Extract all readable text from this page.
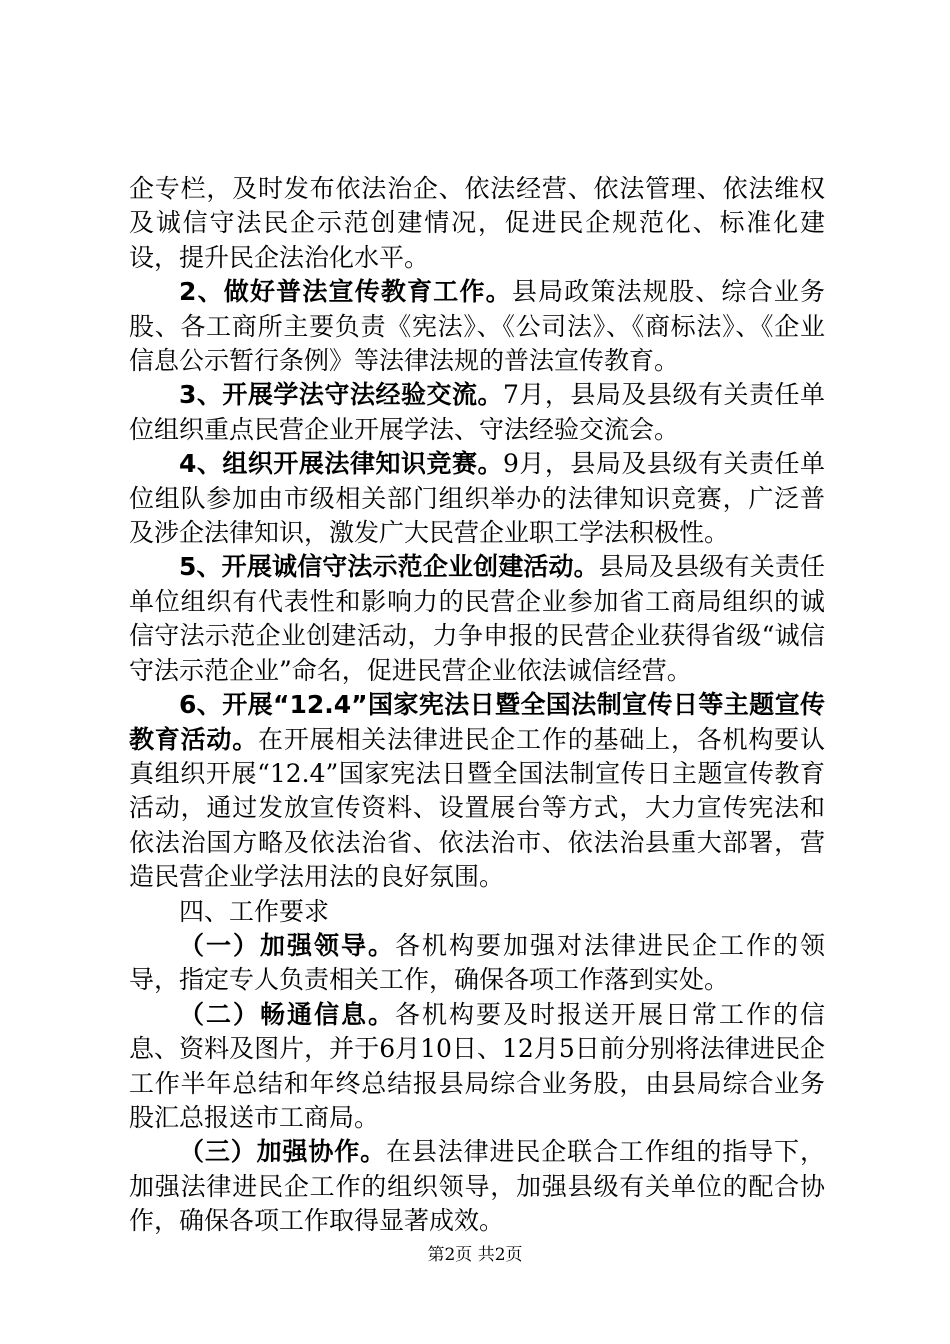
企专栏，及时发布依法治企、依法经营、依法管理、依法维权及诚信守法民企示范创建情况，促进民企规范化、标准化建设，提升民企法治化水平。

2、做好普法宣传教育工作。县局政策法规股、综合业务股、各工商所主要负责《宪法》、《公司法》、《商标法》、《企业信息公示暂行条例》等法律法规的普法宣传教育。

3、开展学法守法经验交流。7月，县局及县级有关责任单位组织重点民营企业开展学法、守法经验交流会。

4、组织开展法律知识竞赛。9月，县局及县级有关责任单位组队参加由市级相关部门组织举办的法律知识竞赛，广泛普及涉企法律知识，激发广大民营企业职工学法积极性。

5、开展诚信守法示范企业创建活动。县局及县级有关责任单位组织有代表性和影响力的民营企业参加省工商局组织的诚信守法示范企业创建活动，力争申报的民营企业获得省级“诚信守法示范企业”命名，促进民营企业依法诚信经营。

6、开展“12.4”国家宪法日暨全国法制宣传日等主题宣传教育活动。在开展相关法律进民企工作的基础上，各机构要认真组织开展“12.4”国家宪法日暨全国法制宣传日主题宣传教育活动，通过发放宣传资料、设置展台等方式，大力宣传宪法和依法治国方略及依法治省、依法治市、依法治县重大部署，营造民营企业学法用法的良好氛围。

四、工作要求

（一）加强领导。各机构要加强对法律进民企工作的领导，指定专人负责相关工作，确保各项工作落到实处。

（二）畅通信息。各机构要及时报送开展日常工作的信息、资料及图片，并于6月10日、12月5日前分别将法律进民企工作半年总结和年终总结报县局综合业务股，由县局综合业务股汇总报送市工商局。

（三）加强协作。在县法律进民企联合工作组的指导下，加强法律进民企工作的组织领导，加强县级有关单位的配合协作，确保各项工作取得显著成效。

第2页 共2页
